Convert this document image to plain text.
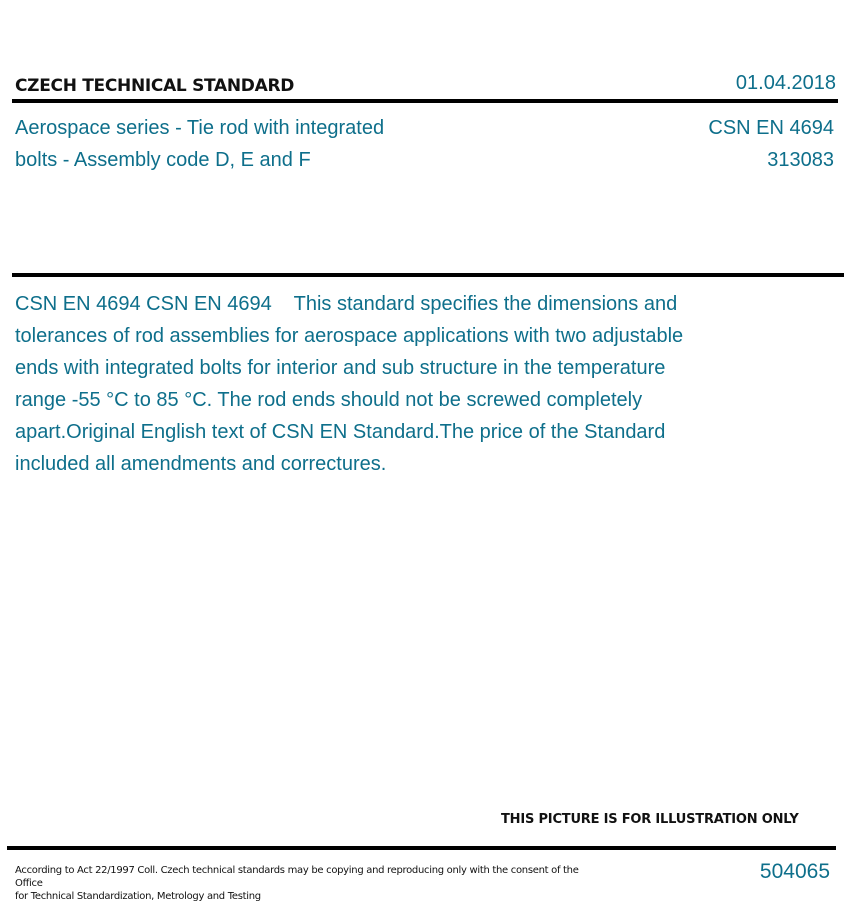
CZECH TECHNICAL STANDARD	01.04.2018
Aerospace series - Tie rod with integrated
bolts - Assembly code D, E and F
CSN EN 4694
313083
CSN EN 4694 CSN EN 4694    This standard specifies the dimensions and
tolerances of rod assemblies for aerospace applications with two adjustable
ends with integrated bolts for interior and sub structure in the temperature
range -55 °C to 85 °C. The rod ends should not be screwed completely
apart.Original English text of CSN EN Standard.The price of the Standard
included all amendments and correctures.
THIS PICTURE IS FOR ILLUSTRATION ONLY
According to Act 22/1997 Coll. Czech technical standards may be copying and reproducing only with the consent of the Office
for Technical Standardization, Metrology and Testing
504065
